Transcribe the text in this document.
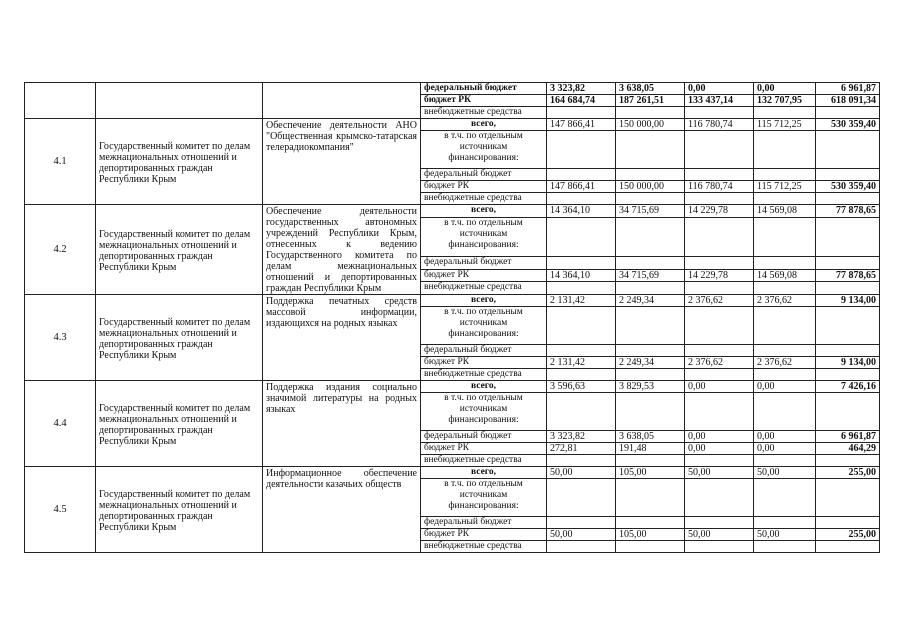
			федеральный бюджет	3 323,82	3 638,05	0,00	0,00	6 961,87
			бюджет РК	164 684,74	187 261,51	133 437,14	132 707,95	618 091,34
			внебюджетные средства					
4.1	Государственный комитет по делам межнациональных отношений и депортированных граждан Республики Крым	Обеспечение деятельности АНО "Общественная крымско-татарская телерадиокомпания"	всего,	147 866,41	150 000,00	116 780,74	115 712,25	530 359,40
			в т.ч. по отдельным источникам финансирования:					
			федеральный бюджет					
			бюджет РК	147 866,41	150 000,00	116 780,74	115 712,25	530 359,40
			внебюджетные средства					
4.2	Государственный комитет по делам межнациональных отношений и депортированных граждан Республики Крым	Обеспечение деятельности государственных автономных учреждений Республики Крым, отнесенных к ведению Государственного комитета по делам межнациональных отношений и депортированных граждан Республики Крым	всего,	14 364,10	34 715,69	14 229,78	14 569,08	77 878,65
			в т.ч. по отдельным источникам финансирования:					
			федеральный бюджет					
			бюджет РК	14 364,10	34 715,69	14 229,78	14 569,08	77 878,65
			внебюджетные средства					
4.3	Государственный комитет по делам межнациональных отношений и депортированных граждан Республики Крым	Поддержка печатных средств массовой информации, издающихся на родных языках	всего,	2 131,42	2 249,34	2 376,62	2 376,62	9 134,00
			в т.ч. по отдельным источникам финансирования:					
			федеральный бюджет					
			бюджет РК	2 131,42	2 249,34	2 376,62	2 376,62	9 134,00
			внебюджетные средства					
4.4	Государственный комитет по делам межнациональных отношений и депортированных граждан Республики Крым	Поддержка издания социально значимой литературы на родных языках	всего,	3 596,63	3 829,53	0,00	0,00	7 426,16
			в т.ч. по отдельным источникам финансирования:					
			федеральный бюджет	3 323,82	3 638,05	0,00	0,00	6 961,87
			бюджет РК	272,81	191,48	0,00	0,00	464,29
			внебюджетные средства					
4.5	Государственный комитет по делам межнациональных отношений и депортированных граждан Республики Крым	Информационное обеспечение деятельности казачьих обществ	всего,	50,00	105,00	50,00	50,00	255,00
			в т.ч. по отдельным источникам финансирования:					
			федеральный бюджет					
			бюджет РК	50,00	105,00	50,00	50,00	255,00
			внебюджетные средства					
